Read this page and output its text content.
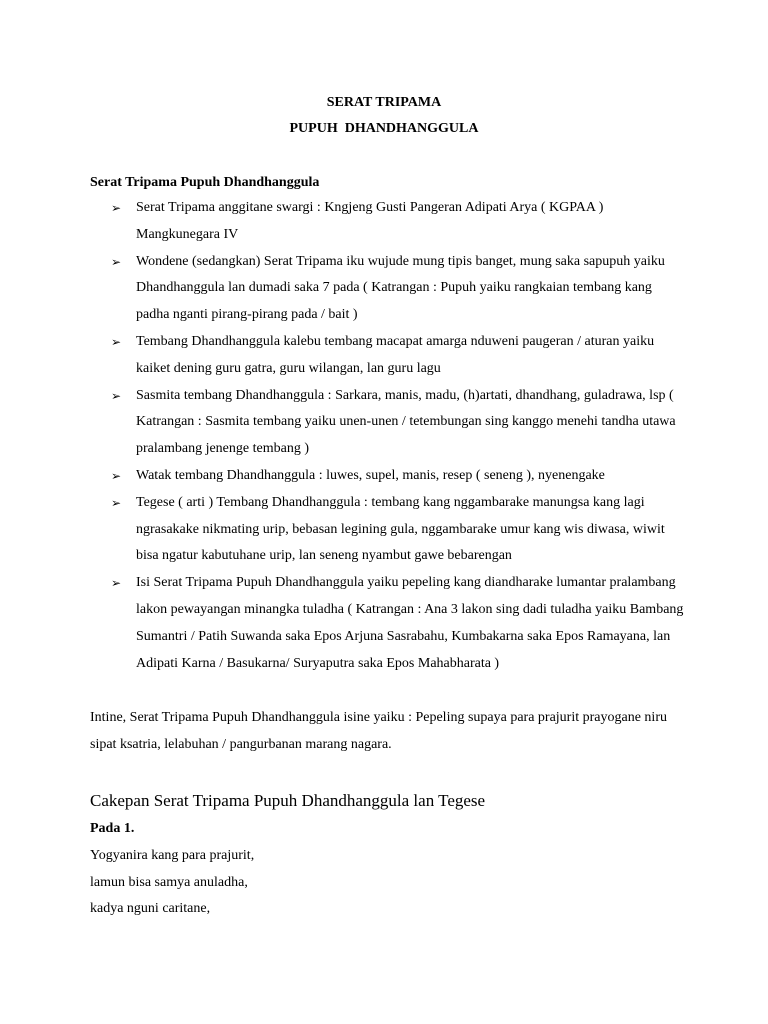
SERAT TRIPAMA
PUPUH  DHANDHANGGULA
Serat Tripama Pupuh Dhandhanggula
➢ Serat Tripama anggitane swargi : Kngjeng Gusti Pangeran Adipati Arya ( KGPAA ) Mangkunegara IV
➢ Wondene (sedangkan) Serat Tripama iku wujude mung tipis banget, mung saka sapupuh yaiku Dhandhanggula lan dumadi saka 7 pada ( Katrangan : Pupuh yaiku rangkaian tembang kang padha nganti pirang-pirang pada / bait )
➢ Tembang Dhandhanggula kalebu tembang macapat amarga nduweni paugeran / aturan yaiku kaiket dening guru gatra, guru wilangan, lan guru lagu
➢ Sasmita tembang Dhandhanggula : Sarkara, manis, madu, (h)artati, dhandhang, guladrawa, lsp ( Katrangan : Sasmita tembang yaiku unen-unen / tetembungan sing kanggo menehi tandha utawa pralambang jenenge tembang )
➢ Watak tembang Dhandhanggula : luwes, supel, manis, resep ( seneng ), nyenengake
➢ Tegese ( arti ) Tembang Dhandhanggula : tembang kang nggambarake manungsa kang lagi ngrasakake nikmating urip, bebasan legining gula, nggambarake umur kang wis diwasa, wiwit bisa ngatur kabutuhane urip, lan seneng nyambut gawe bebarengan
➢ Isi Serat Tripama Pupuh Dhandhanggula yaiku pepeling kang diandharake lumantar pralambang lakon pewayangan minangka tuladha ( Katrangan : Ana 3 lakon sing dadi tuladha yaiku Bambang Sumantri / Patih Suwanda saka Epos Arjuna Sasrabahu, Kumbakarna saka Epos Ramayana, lan Adipati Karna / Basukarna/ Suryaputra saka Epos Mahabharata )
Intine, Serat Tripama Pupuh Dhandhanggula isine yaiku : Pepeling supaya para prajurit prayogane niru sipat ksatria, lelabuhan / pangurbanan marang nagara.
Cakepan Serat Tripama Pupuh Dhandhanggula lan Tegese
Pada 1.
Yogyanira kang para prajurit,
lamun bisa samya anuladha,
kadya nguni caritane,
